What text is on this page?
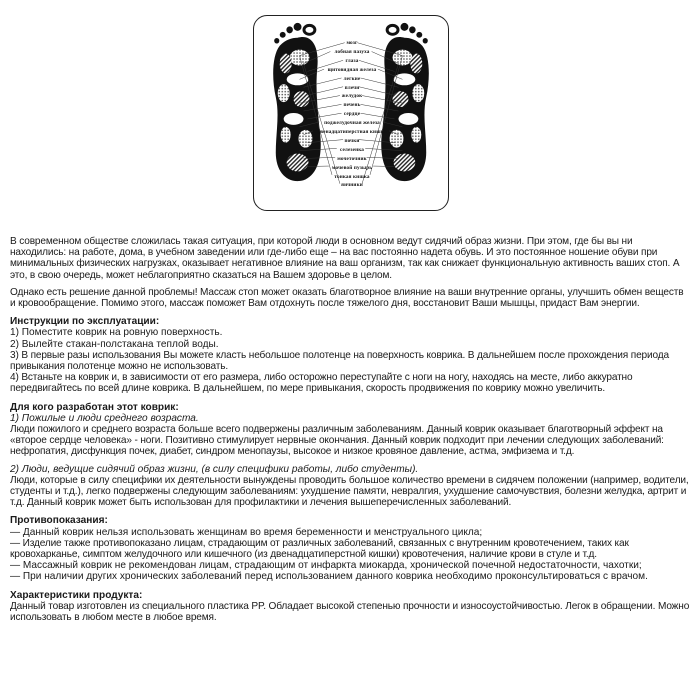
мозг
лобная пазуха
глаза
щитовидная железа
легкие
плечи
желудок
печень
сердце
поджелудочная железа
двенадцатиперстная кишка
почки
селезенка
мочеточник
мочевой пузырь
тонкая кишка
яичники

В современном обществе сложилась такая ситуация, при которой люди в основном ведут сидячий образ жизни. При этом, где бы вы ни находились: на работе, дома, в учебном заведении или где-либо еще – на вас постоянно надета обувь. И это постоянное ношение обуви при минимальных физических нагрузках, оказывает негативное влияние на ваш организм, так как снижает функциональную активность ваших стоп. А это, в свою очередь, может неблагоприятно сказаться на Вашем здоровье в целом.

Однако есть решение данной проблемы! Массаж стоп может оказать благотворное влияние на ваши внутренние органы, улучшить обмен веществ и кровообращение. Помимо этого, массаж поможет Вам отдохнуть после тяжелого дня, восстановит Ваши мышцы, придаст Вам энергии.

Инструкции по эксплуатации:

1) Поместите коврик на ровную поверхность.

2) Вылейте стакан-полстакана теплой воды.

3) В первые разы использования Вы можете класть небольшое полотенце на поверхность коврика. В дальнейшем после прохождения периода привыкания полотенце можно не использовать.

4) Встаньте на коврик и, в зависимости от его размера, либо осторожно переступайте с ноги на ногу, находясь на месте, либо аккуратно передвигайтесь по всей длине коврика. В дальнейшем, по мере привыкания, скорость продвижения по коврику можно увеличить.

Для кого разработан этот коврик:

1) Пожилые и люди среднего возраста.

Люди пожилого и среднего возраста больше всего подвержены различным заболеваниям. Данный коврик оказывает благотворный эффект на «второе сердце человека» - ноги. Позитивно стимулирует нервные окончания. Данный коврик подходит при лечении следующих заболеваний: нефропатия, дисфункция почек, диабет, синдром менопаузы, высокое и низкое кровяное давление, астма, эмфизема и т.д.

2) Люди, ведущие сидячий образ жизни, (в силу специфики работы, либо студенты).

Люди, которые в силу специфики их деятельности вынуждены проводить большое количество времени в сидячем положении (например, водители, студенты и т.д.), легко подвержены следующим заболеваниям: ухудшение памяти, невралгия, ухудшение самочувствия, болезни желудка, артрит и т.д. Данный коврик может быть использован для профилактики и лечения вышеперечисленных заболеваний.

Противопоказания:

— Данный коврик нельзя использовать женщинам во время беременности и менструального цикла;

— Изделие также противопоказано лицам, страдающим от различных заболеваний, связанных с внутренним кровотечением, таких как кровохарканье, симптом желудочного или кишечного (из двенадцатиперстной кишки) кровотечения, наличие крови в стуле и т.д.

— Массажный коврик не рекомендован лицам, страдающим от инфаркта миокарда, хронической почечной недостаточности, чахотки;

— При наличии других хронических заболеваний перед использованием данного коврика необходимо проконсультироваться с врачом.

Характеристики продукта:

Данный товар изготовлен из специального пластика PP. Обладает высокой степенью прочности и износоустойчивостью. Легок в обращении. Можно использовать в любом месте в любое время.
